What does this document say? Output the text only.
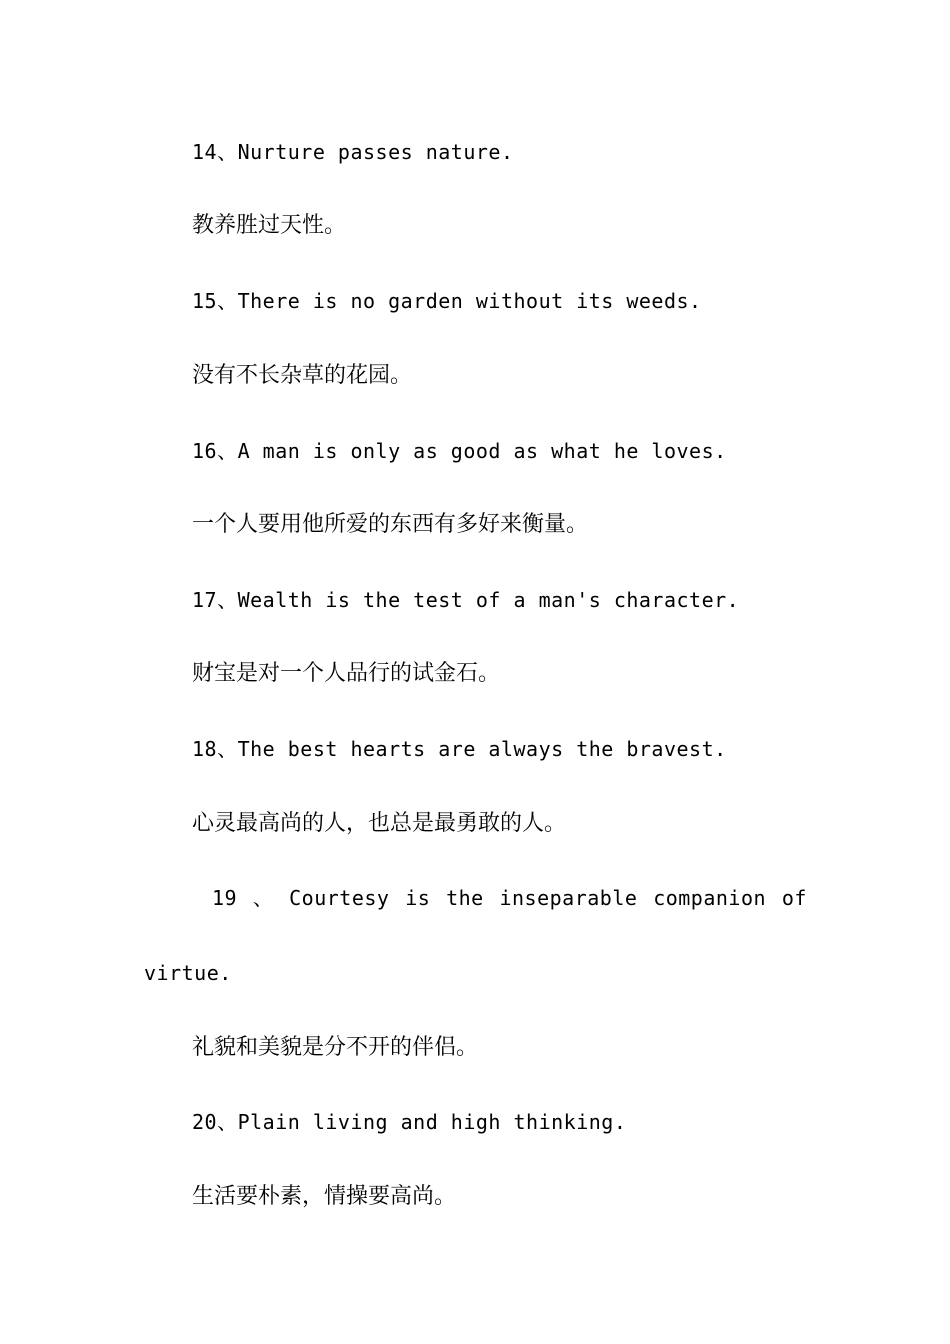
14、Nurture passes nature.
教养胜过天性。
15、There is no garden without its weeds.
没有不长杂草的花园。
16、A man is only as good as what he loves.
一个人要用他所爱的东西有多好来衡量。
17、Wealth is the test of a man's character.
财宝是对一个人品行的试金石。
18、The best hearts are always the bravest.
心灵最高尚的人，也总是最勇敢的人。
19 、 Courtesy is the inseparable companion of
virtue.
礼貌和美貌是分不开的伴侣。
20、Plain living and high thinking.
生活要朴素，情操要高尚。
